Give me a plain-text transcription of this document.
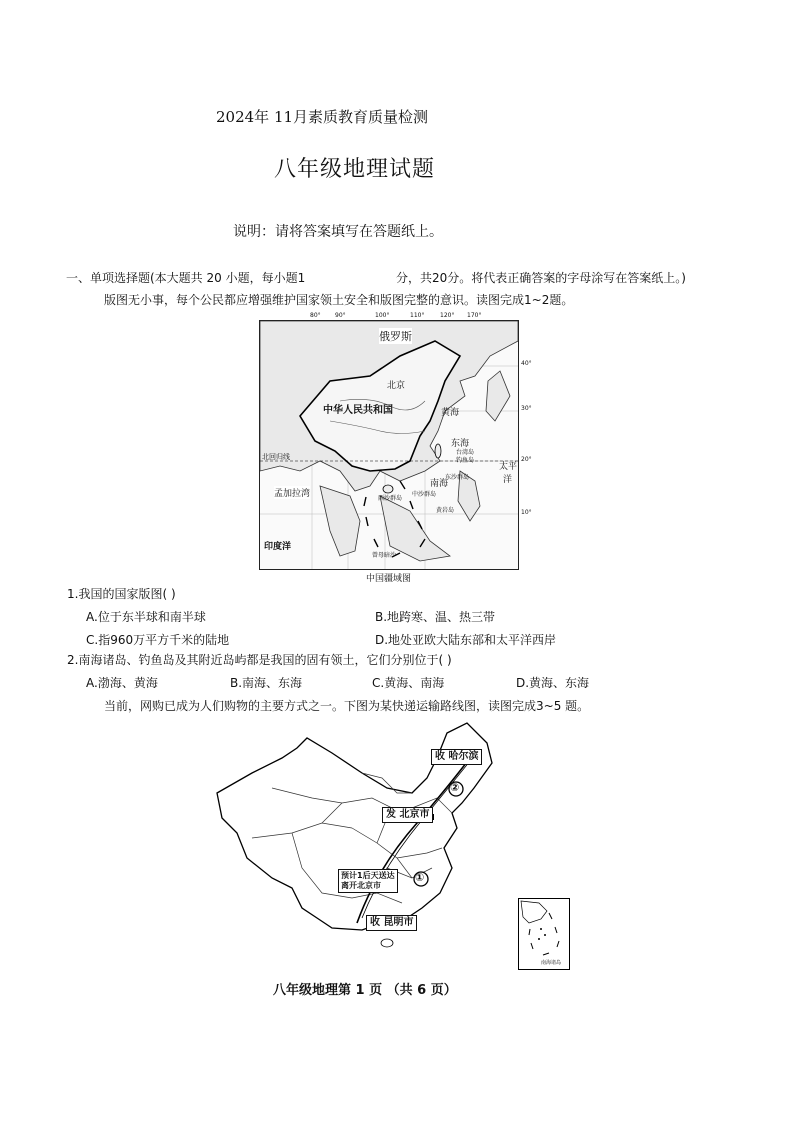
2024年 11月素质教育质量检测
八年级地理试题
说明：请将答案填写在答题纸上。
一、单项选择题(本大题共 20 小题，每小题1	分，共20分。将代表正确答案的字母涂写在答案纸上。)
版图无小事，每个公民都应增强维护国家领土安全和版图完整的意识。读图完成1~2题。
80° 90°	100°	110°	120° 170°
俄罗斯
北京
中华人民共和国	黄海
东海
台湾岛
钓鱼岛
太平
洋
北回归线
孟加拉湾
南海
东沙群岛
西沙群岛
中沙群岛
黄岩岛
印度洋
曾母暗沙
40°
30°
20°
10°
中国疆域图
1.我国的国家版图( )
A.位于东半球和南半球	B.地跨寒、温、热三带
C.指960万平方千米的陆地	D.地处亚欧大陆东部和太平洋西岸
2.南海诸岛、钓鱼岛及其附近岛屿都是我国的固有领土，它们分别位于( )
A.渤海、黄海	B.南海、东海	C.黄海、南海	D.黄海、东海
当前，网购已成为人们购物的主要方式之一。下图为某快递运输路线图，读图完成3~5 题。
①
②
收 哈尔滨
发 北京市
预计1后天送达
离开北京市
收 昆明市
南海诸岛
八年级地理第 1 页 （共 6 页）
